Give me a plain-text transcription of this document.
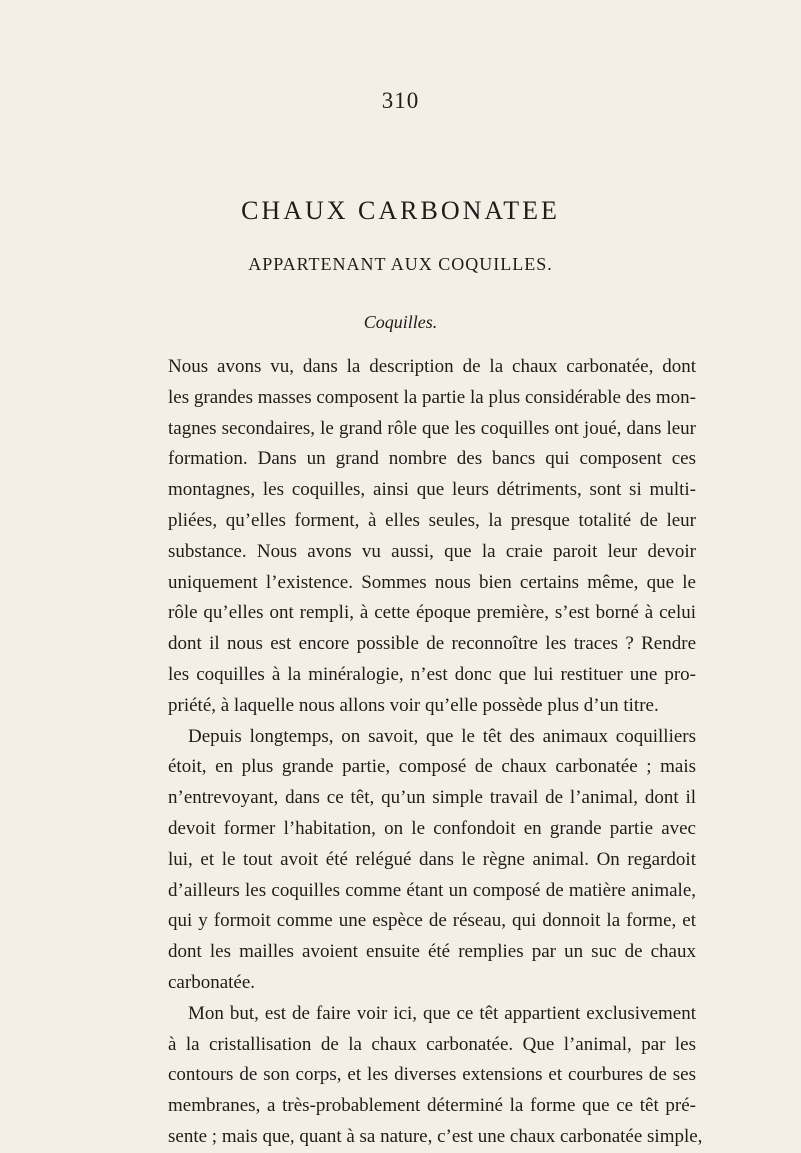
310
CHAUX CARBONATEE
APPARTENANT AUX COQUILLES.
Coquilles.
Nous avons vu, dans la description de la chaux carbonatée, dont
les grandes masses composent la partie la plus considérable des mon-
tagnes secondaires, le grand rôle que les coquilles ont joué, dans leur
formation. Dans un grand nombre des bancs qui composent ces
montagnes, les coquilles, ainsi que leurs détriments, sont si multi-
pliées, qu’elles forment, à elles seules, la presque totalité de leur
substance. Nous avons vu aussi, que la craie paroit leur devoir
uniquement l’existence. Sommes nous bien certains même, que le
rôle qu’elles ont rempli, à cette époque première, s’est borné à celui
dont il nous est encore possible de reconnoître les traces ? Rendre
les coquilles à la minéralogie, n’est donc que lui restituer une pro-
priété, à laquelle nous allons voir qu’elle possède plus d’un titre.
Depuis longtemps, on savoit, que le têt des animaux coquilliers
étoit, en plus grande partie, composé de chaux carbonatée ; mais
n’entrevoyant, dans ce têt, qu’un simple travail de l’animal, dont il
devoit former l’habitation, on le confondoit en grande partie avec
lui, et le tout avoit été relégué dans le règne animal. On regardoit
d’ailleurs les coquilles comme étant un composé de matière animale,
qui y formoit comme une espèce de réseau, qui donnoit la forme, et
dont les mailles avoient ensuite été remplies par un suc de chaux
carbonatée.
Mon but, est de faire voir ici, que ce têt appartient exclusivement
à la cristallisation de la chaux carbonatée. Que l’animal, par les
contours de son corps, et les diverses extensions et courbures de ses
membranes, a très-probablement déterminé la forme que ce têt pré-
sente ; mais que, quant à sa nature, c’est une chaux carbonatée simple,
